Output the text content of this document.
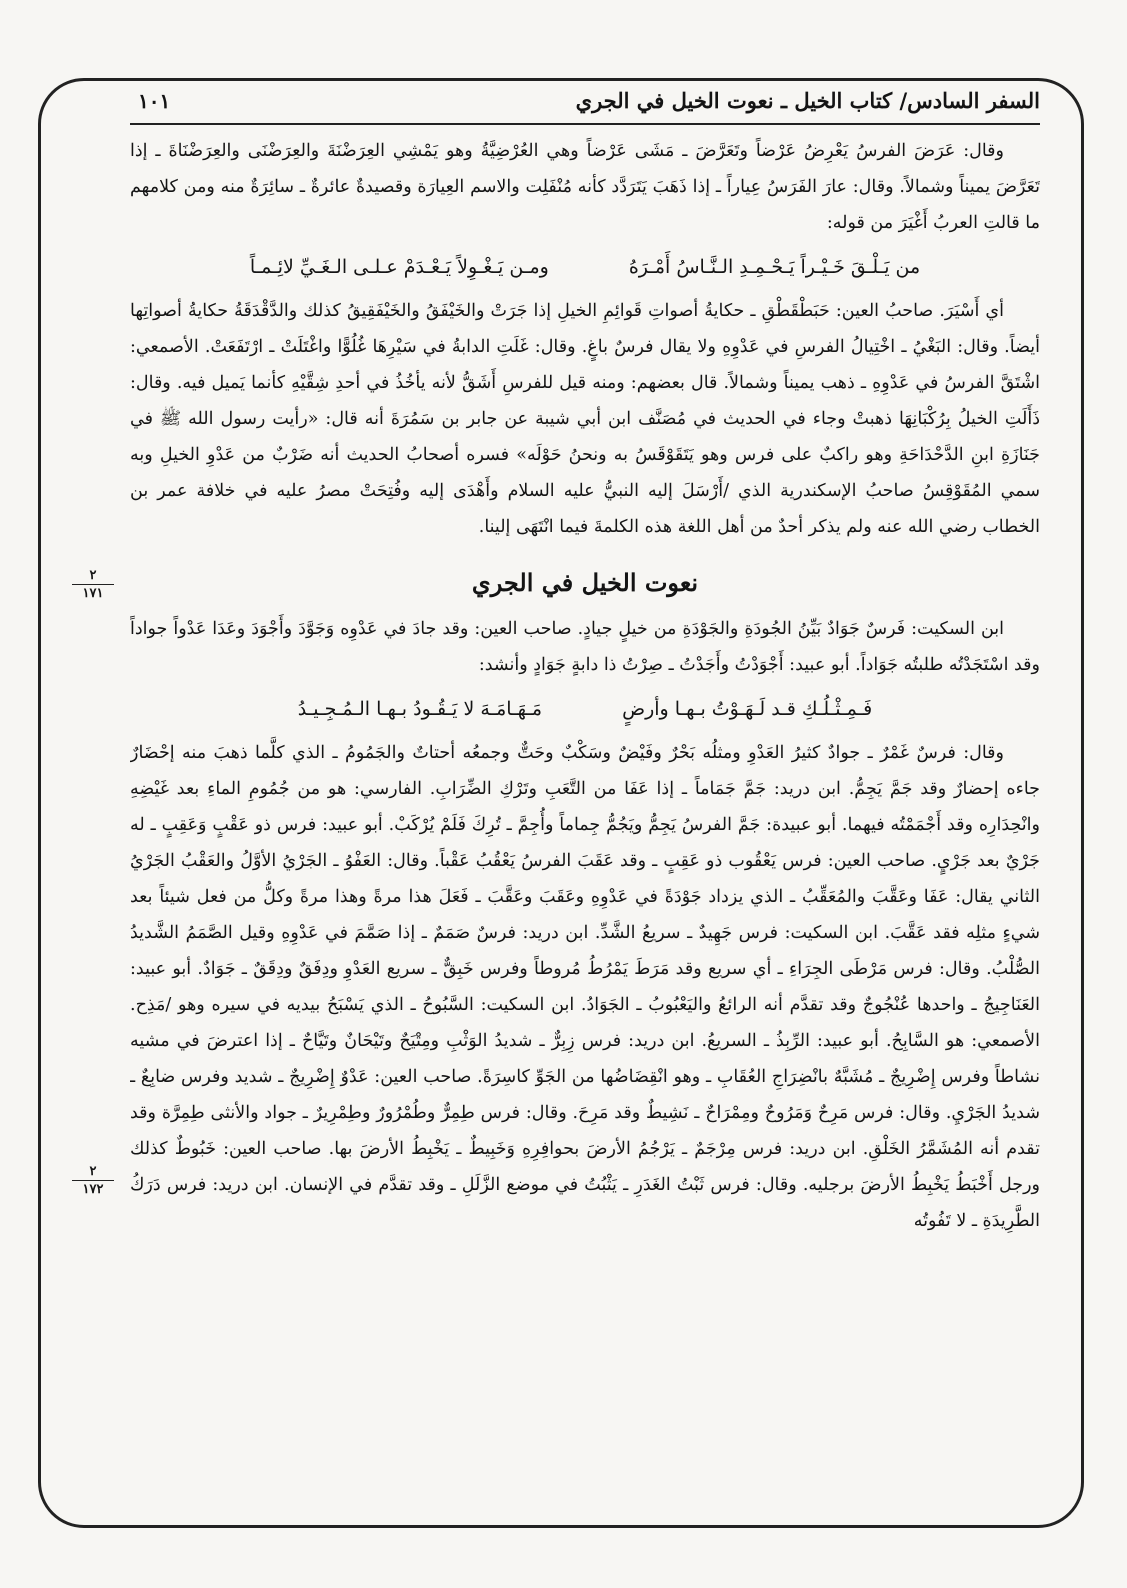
السفر السادس/ كتاب الخيل ـ نعوت الخيل في الجري
١٠١

وقال: عَرَضَ الفرسُ يَعْرِضُ عَرْضاً وتَعَرَّضَ ـ مَشَى عَرْضاً وهي العُرْضِيَّةُ وهو يَمْشِي العِرَضْنَةَ والعِرَضْنَى والعِرَضْنَاةَ ـ إذا تَعَرَّضَ يميناً وشمالاً. وقال: عارَ الفَرَسُ عِياراً ـ إذا ذَهَبَ يَتَرَدَّد كأنه مُنْفَلِت والاسم العِيارَة وقصيدةٌ عائرةٌ ـ سائِرَةٌ منه ومن كلامهم ما قالتِ العربُ أَغْيَرَ من قوله:

من يَـلْـقَ خَـيْـراً يَـحْـمِـدِ الـنَّـاسُ أَمْـرَهُ
ومـن يَـغْـوِلاً يَـعْـدَمْ عـلـى الـغَـيِّ لائِـمـاً

أي أَسْيَرَ. صاحبُ العين: حَبَطْقَطْقِ ـ حكايةُ أصواتِ قَوائِمِ الخيلِ إذا جَرَتْ والخَيْفَقُ والخَيْفَقِيقُ كذلك والدَّقْدَقَةُ حكايةُ أصواتِها أيضاً. وقال: البَغْيُ ـ اخْتِيالُ الفرسِ في عَدْوِهِ ولا يقال فرسٌ باغٍ. وقال: غَلَتِ الدابةُ في سَيْرِهَا غُلُوًّا واغْتَلَتْ ـ ارْتَفَعَتْ. الأصمعي: اشْتَقَّ الفرسُ في عَدْوِهِ ـ ذهب يميناً وشمالاً. قال بعضهم: ومنه قيل للفرسِ أَشَقُّ لأنه يأخُذُ في أحدِ شِقَّيْهِ كأنما يَميل فيه. وقال: ذَأَلَتِ الخيلُ بِرُكْبَانِهَا ذهبتْ وجاء في الحديث في مُصَنَّف ابن أبي شيبة عن جابر بن سَمُرَةَ أنه قال: «رأيت رسول الله ﷺ في جَنَازَةِ ابنِ الدَّحْدَاحَةِ وهو راكبٌ على فرس وهو يَتَقَوْقَسُ به ونحنُ حَوْلَه» فسره أصحابُ الحديث أنه ضَرْبٌ من عَدْوِ الخيلِ وبه سمي المُقَوْقِسُ صاحبُ الإسكندرية الذي /أَرْسَلَ إليه النبيُّ عليه السلام وأَهْدَى إليه وفُتِحَتْ مصرُ عليه في خلافة عمر بن الخطاب رضي الله عنه ولم يذكر أحدٌ من أهل اللغة هذه الكلمةَ فيما انْتَهَى إلينا.

نعوت الخيل في الجري

ابن السكيت: فَرسٌ جَوَادٌ بَيِّنُ الجُودَةِ والجَوْدَةِ من خيلٍ جيادٍ. صاحب العين: وقد جادَ في عَدْوِه وَجَوَّدَ وأَجْوَدَ وعَدَا عَدْواً جواداً وقد اسْتَجَدْتُه طلبتُه جَوَاداً. أبو عبيد: أَجْوَدْتُ وأَجَدْتُ ـ صِرْتُ ذا دابةٍ جَوَادٍ وأنشد:

فَـمِـثْـلُـكِ قـد لَـهَـوْتُ بـهـا وأرضٍ
مَـهَـامَـهَ لا يَـقُـودُ بـهـا الـمُـجِـيـدُ

وقال: فرسٌ غَمْرٌ ـ جوادٌ كثيرُ العَدْوِ ومثلُه بَحْرٌ وفَيْضٌ وسَكْبٌ وحَتٌّ وجمعُه أحتاتٌ والجَمُومُ ـ الذي كلَّما ذهبَ منه إحْضَارٌ جاءه إحضارٌ وقد جَمَّ يَجِمُّ. ابن دريد: جَمَّ جَمَاماً ـ إذا عَفَا من التَّعَبِ وتَرْكِ الضِّرَابِ. الفارسي: هو من جُمُومِ الماءِ بعد غَيْضِهِ وانْحِدَارِه وقد أَجْمَمْتُه فيهما. أبو عبيدة: جَمَّ الفرسُ يَجِمُّ ويَجُمُّ جِماماً وأُجِمَّ ـ تُرِكَ فَلَمْ يُرْكَبْ. أبو عبيد: فرس ذو عَقْبٍ وَعَقِبٍ ـ له جَرْيٌ بعد جَرْيٍ. صاحب العين: فرس يَعْقُوب ذو عَقِبٍ ـ وقد عَقَبَ الفرسُ يَعْقُبُ عَقْباً. وقال: العَفْوُ ـ الجَرْيُ الأوَّلُ والعَقْبُ الجَرْيُ الثاني يقال: عَفَا وعَقَّبَ والمُعَقِّبُ ـ الذي يزداد جَوْدَةً في عَدْوِهِ وعَقَبَ وعَقَّبَ ـ فَعَلَ هذا مرةً وهذا مرةً وكلُّ من فعل شيئاً بعد شيءٍ مثلِه فقد عَقَّبَ. ابن السكيت: فرس جَهِيدٌ ـ سريعُ الشَّدِّ. ابن دريد: فرسٌ صَمَمٌ ـ إذا صَمَّمَ في عَدْوِهِ وقيل الصَّمَمُ الشَّديدُ الصُّلْبُ. وقال: فرس مَرْطَى الجِرَاءِ ـ أي سريع وقد مَرَطَ يَمْرُطُ مُروطاً وفرس خَبِقٌّ ـ سريع العَدْوِ ودِفَقٌ ودِقَقٌ ـ جَوَادٌ. أبو عبيد: العَنَاجِيجُ ـ واحدها عُنْجُوجٌ وقد تقدَّم أنه الرائعُ واليَعْبُوبُ ـ الجَوَادُ. ابن السكيت: السَّبُوحُ ـ الذي يَسْبَحُ بيديه في سيره وهو /مَذِح. الأصمعي: هو السَّابِحُ. أبو عبيد: الرِّبِذُ ـ السريعُ. ابن دريد: فرس زِبِرٌّ ـ شديدُ الوَثْبِ ومِتْيَحٌ وتَيْحَانٌ وتَيَّاحٌ ـ إذا اعترضَ في مشيه نشاطاً وفرس إِضْرِيجٌ ـ مُشَبَّهٌ بانْضِرَاجِ العُقَابِ ـ وهو انْقِضَاضُها من الجَوِّ كاسِرَةً. صاحب العين: عَدْوٌ إِضْرِيجٌ ـ شديد وفرس ضابِعٌ ـ شديدُ الجَرْيِ. وقال: فرس مَرِحٌ وَمَرُوحٌ ومِمْرَاحٌ ـ نَشِيطٌ وقد مَرِحَ. وقال: فرس طِمِرٌّ وطُمْرُورٌ وطِمْرِيرٌ ـ جواد والأنثى طِمِرَّة وقد تقدم أنه المُشَمَّرُ الخَلْقِ. ابن دريد: فرس مِرْجَمٌ ـ يَرْجُمُ الأرضَ بحوافِرِهِ وَخَبِيطٌ ـ يَخْبِطُ الأرضَ بها. صاحب العين: خَبُوطٌ كذلك ورجل أَخْبَطُ يَخْبِطُ الأرضَ برجليه. وقال: فرس ثَبْتُ الغَدَرِ ـ يَثْبُتُ في موضع الزَّلَلِ ـ وقد تقدَّم في الإنسان. ابن دريد: فرس دَرَكُ الطَّرِيدَةِ ـ لا تَفُوتُه

٢
١٧١
٢
١٧٢
